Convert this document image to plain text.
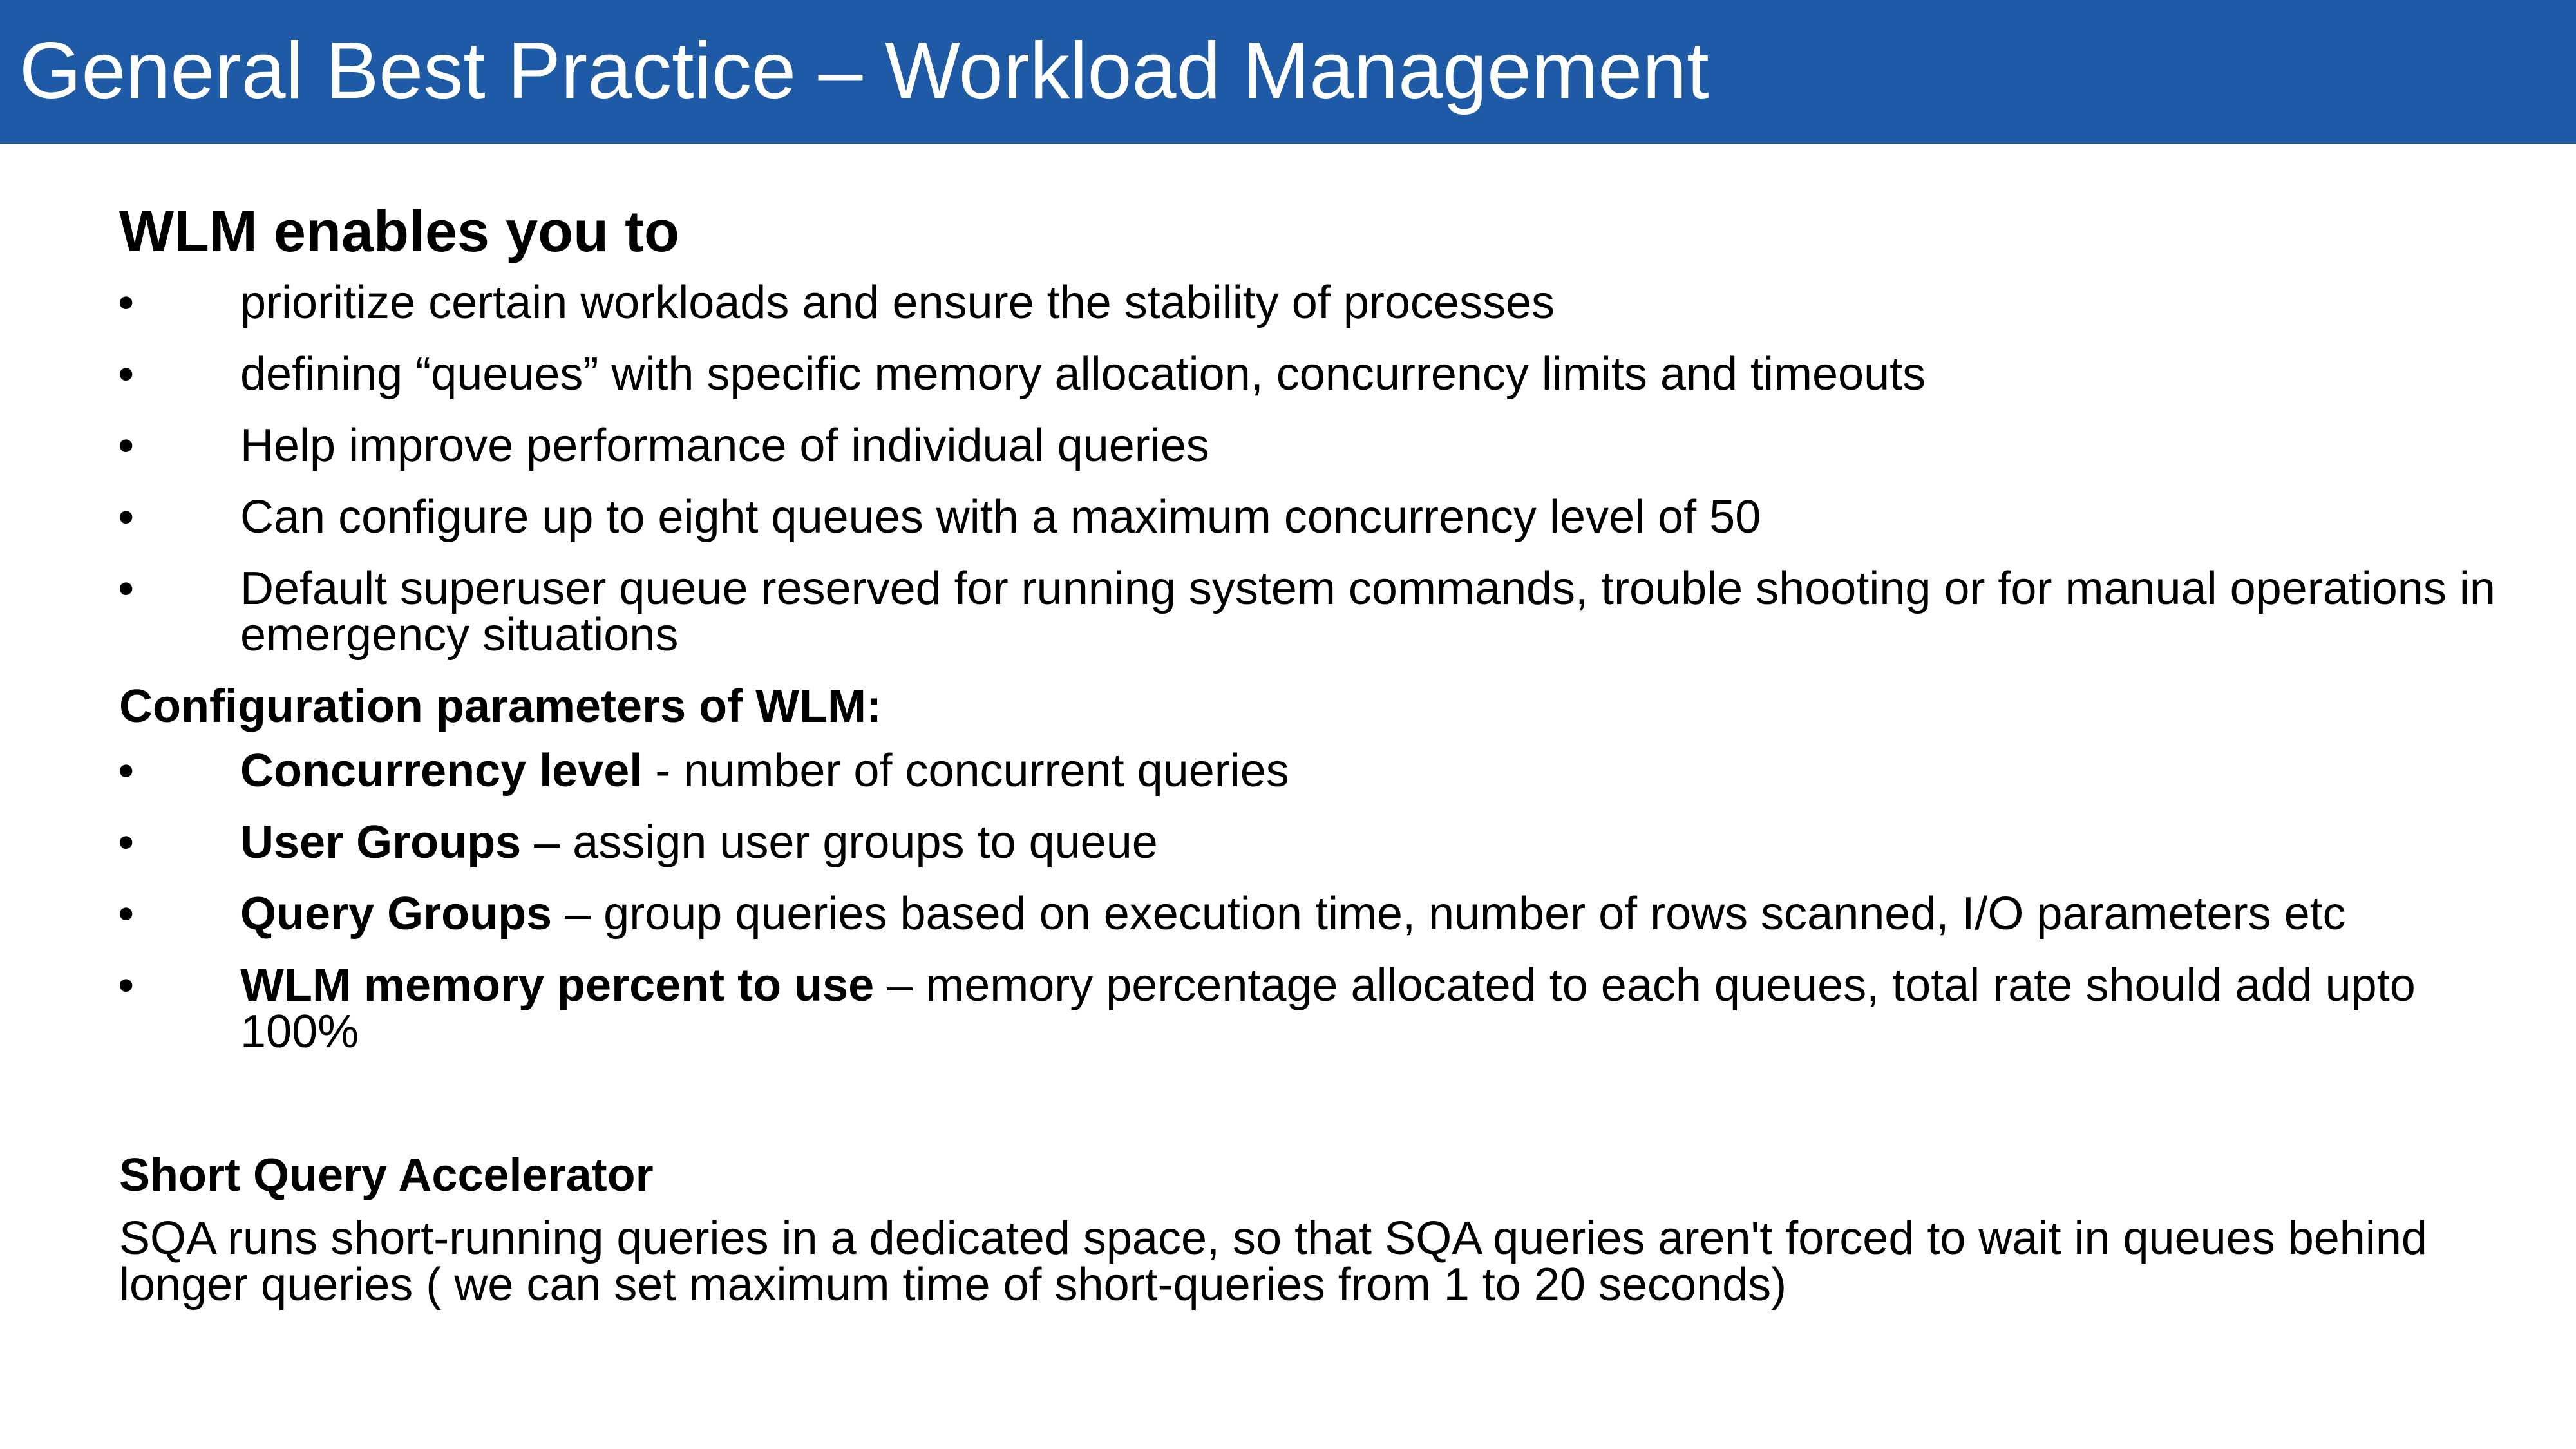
General Best Practice – Workload Management
WLM enables you to
• prioritize certain workloads and ensure the stability of processes
• defining “queues” with specific memory allocation, concurrency limits and timeouts
• Help improve performance of individual queries
• Can configure up to eight queues with a maximum concurrency level of 50
• Default superuser queue reserved for running system commands, trouble shooting or for manual operations in emergency situations
Configuration parameters of WLM:
• Concurrency level - number of concurrent queries
• User Groups – assign user groups to queue
• Query Groups – group queries based on execution time, number of rows scanned, I/O parameters etc
• WLM memory percent to use – memory percentage allocated to each queues, total rate should add upto 100%
Short Query Accelerator
SQA runs short-running queries in a dedicated space, so that SQA queries aren't forced to wait in queues behind longer queries ( we can set maximum time of short-queries from 1 to 20 seconds)
